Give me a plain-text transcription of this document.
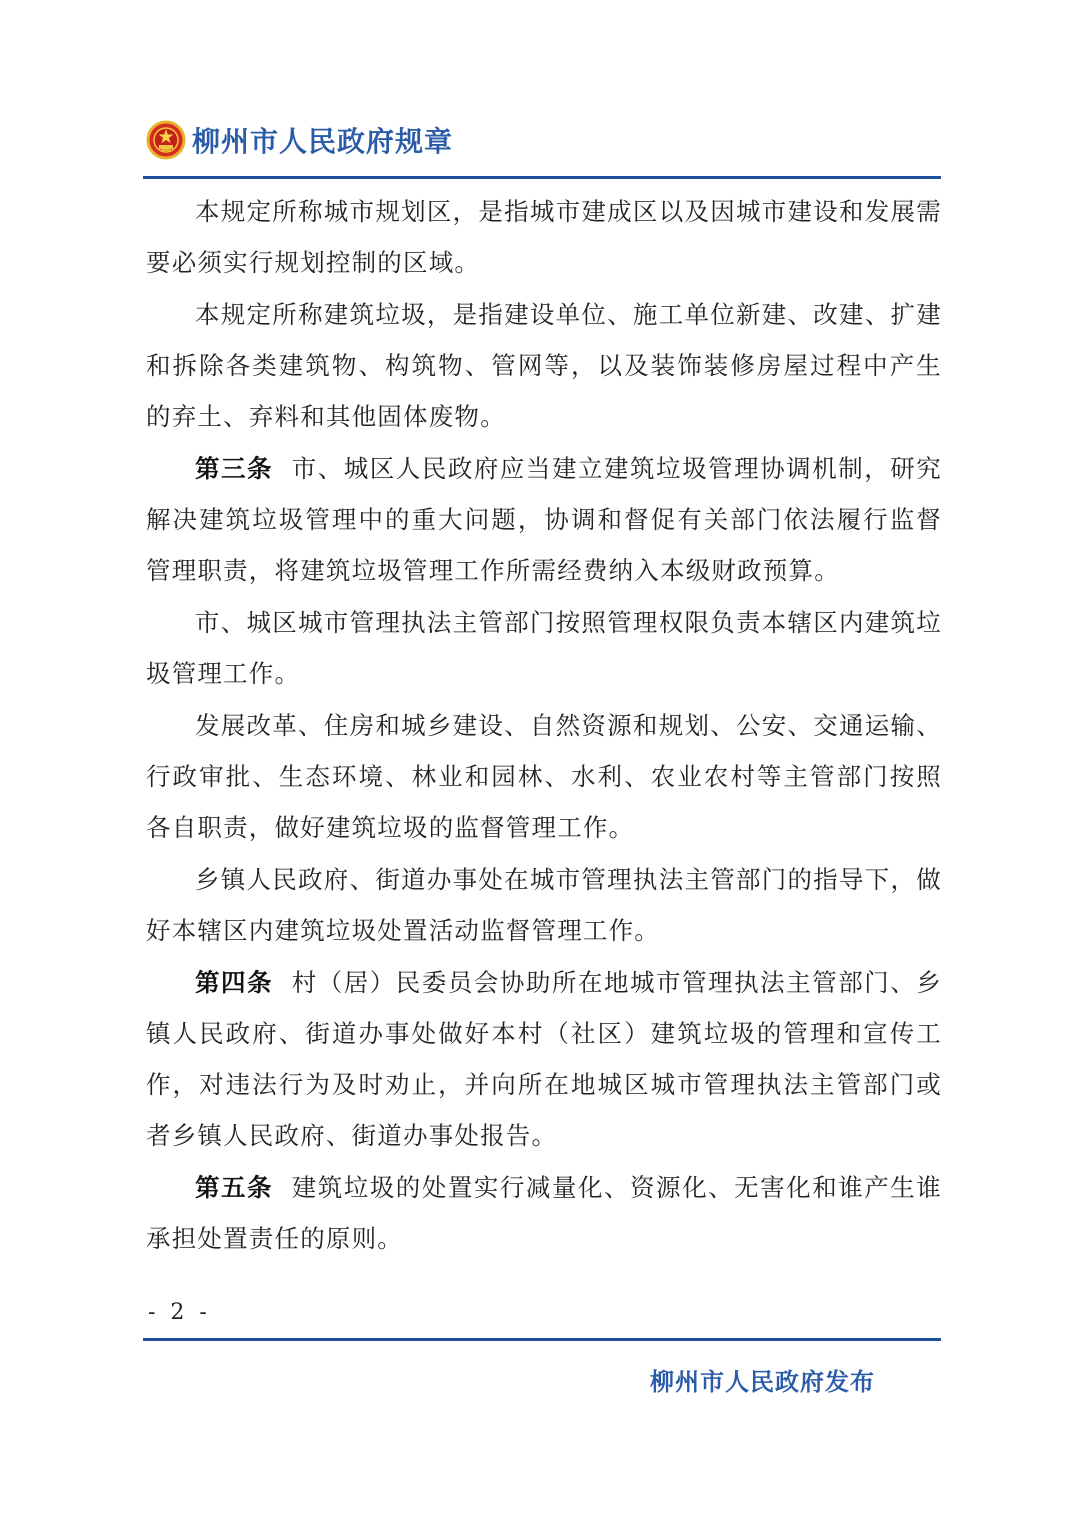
柳州市人民政府规章

本规定所称城市规划区，是指城市建成区以及因城市建设和发展需要必须实行规划控制的区域。

本规定所称建筑垃圾，是指建设单位、施工单位新建、改建、扩建和拆除各类建筑物、构筑物、管网等，以及装饰装修房屋过程中产生的弃土、弃料和其他固体废物。

第三条 市、城区人民政府应当建立建筑垃圾管理协调机制，研究解决建筑垃圾管理中的重大问题，协调和督促有关部门依法履行监督管理职责，将建筑垃圾管理工作所需经费纳入本级财政预算。

市、城区城市管理执法主管部门按照管理权限负责本辖区内建筑垃圾管理工作。

发展改革、住房和城乡建设、自然资源和规划、公安、交通运输、行政审批、生态环境、林业和园林、水利、农业农村等主管部门按照各自职责，做好建筑垃圾的监督管理工作。

乡镇人民政府、街道办事处在城市管理执法主管部门的指导下，做好本辖区内建筑垃圾处置活动监督管理工作。

第四条 村（居）民委员会协助所在地城市管理执法主管部门、乡镇人民政府、街道办事处做好本村（社区）建筑垃圾的管理和宣传工作，对违法行为及时劝止，并向所在地城区城市管理执法主管部门或者乡镇人民政府、街道办事处报告。

第五条 建筑垃圾的处置实行减量化、资源化、无害化和谁产生谁承担处置责任的原则。

- 2 -
柳州市人民政府发布
